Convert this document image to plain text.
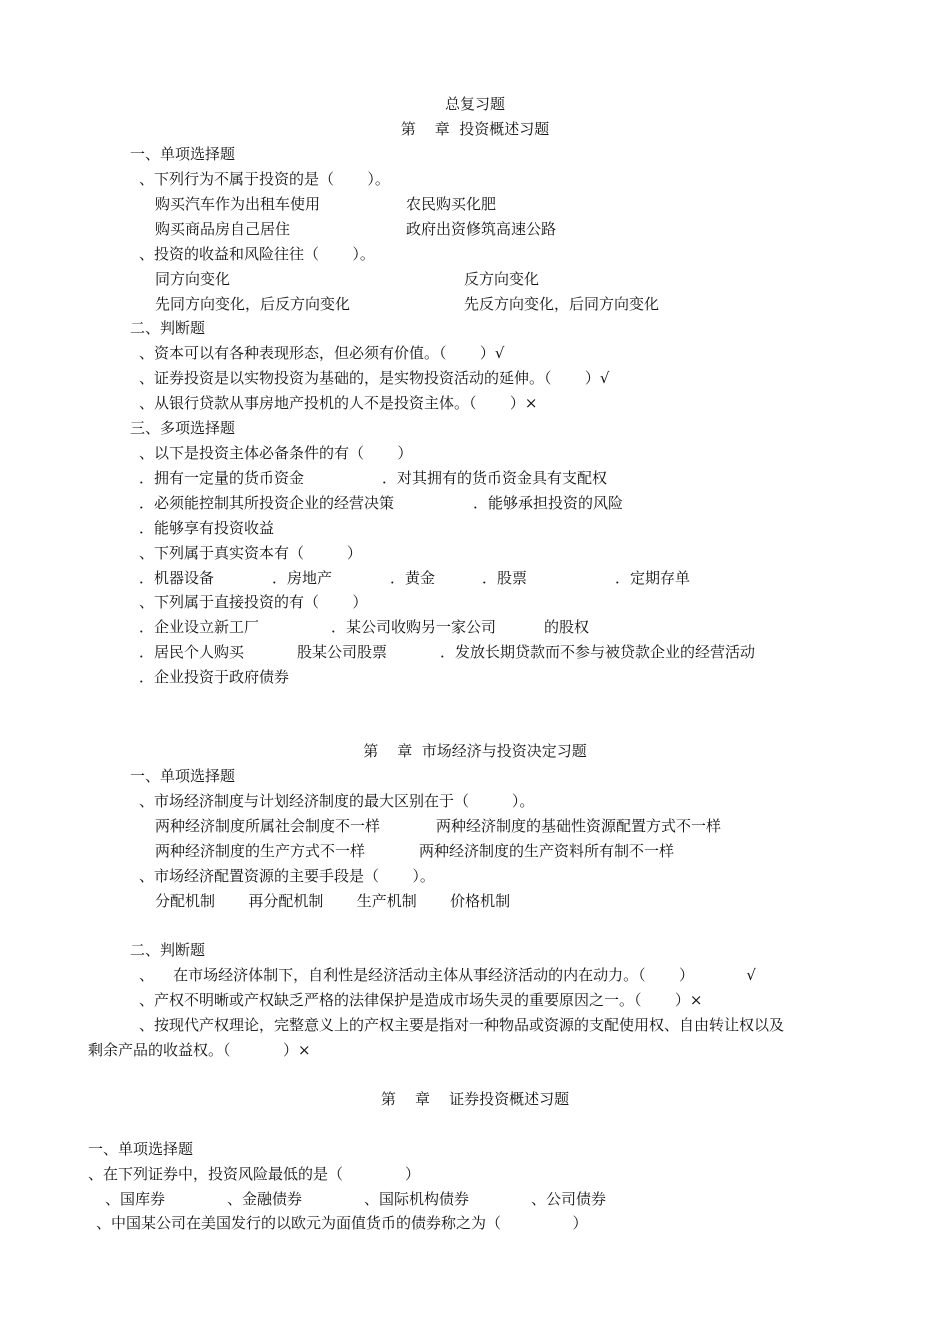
总复习题
第    章  投资概述习题
一、单项选择题
、下列行为不属于投资的是（       ）。
购买汽车作为出租车使用	农民购买化肥
购买商品房自己居住	政府出资修筑高速公路
、投资的收益和风险往往（       ）。
同方向变化	反方向变化
先同方向变化，后反方向变化	先反方向变化，后同方向变化
二、判断题
、资本可以有各种表现形态，但必须有价值。（       ）√
、证券投资是以实物投资为基础的，是实物投资活动的延伸。（       ）√
、从银行贷款从事房地产投机的人不是投资主体。（       ）×
三、多项选择题
、以下是投资主体必备条件的有（       ）
．拥有一定量的货币资金	．对其拥有的货币资金具有支配权
．必须能控制其所投资企业的经营决策	．能够承担投资的风险
．能够享有投资收益
、下列属于真实资本有（         ）
．机器设备	．房地产	．黄金	．股票	．定期存单
、下列属于直接投资的有（       ）
．企业设立新工厂	．某公司收购另一家公司	的股权
．居民个人购买	股某公司股票	．发放长期贷款而不参与被贷款企业的经营活动
．企业投资于政府债券
第    章  市场经济与投资决定习题
一、单项选择题
、市场经济制度与计划经济制度的最大区别在于（         ）。
两种经济制度所属社会制度不一样	两种经济制度的基础性资源配置方式不一样
两种经济制度的生产方式不一样	两种经济制度的生产资料所有制不一样
、市场经济配置资源的主要手段是（       ）。
分配机制       再分配机制       生产机制       价格机制
二、判断题
、    在市场经济体制下，自利性是经济活动主体从事经济活动的内在动力。（       ）           √
、产权不明晰或产权缺乏严格的法律保护是造成市场失灵的重要原因之一。（       ）×
、按现代产权理论，完整意义上的产权主要是指对一种物品或资源的支配使用权、自由转让权以及
剩余产品的收益权。（           ）×
第    章    证券投资概述习题
一、单项选择题
、在下列证券中，投资风险最低的是（             ）
、国库券             、金融债券             、国际机构债券             、公司债券
、中国某公司在美国发行的以欧元为面值货币的债券称之为（               ）
